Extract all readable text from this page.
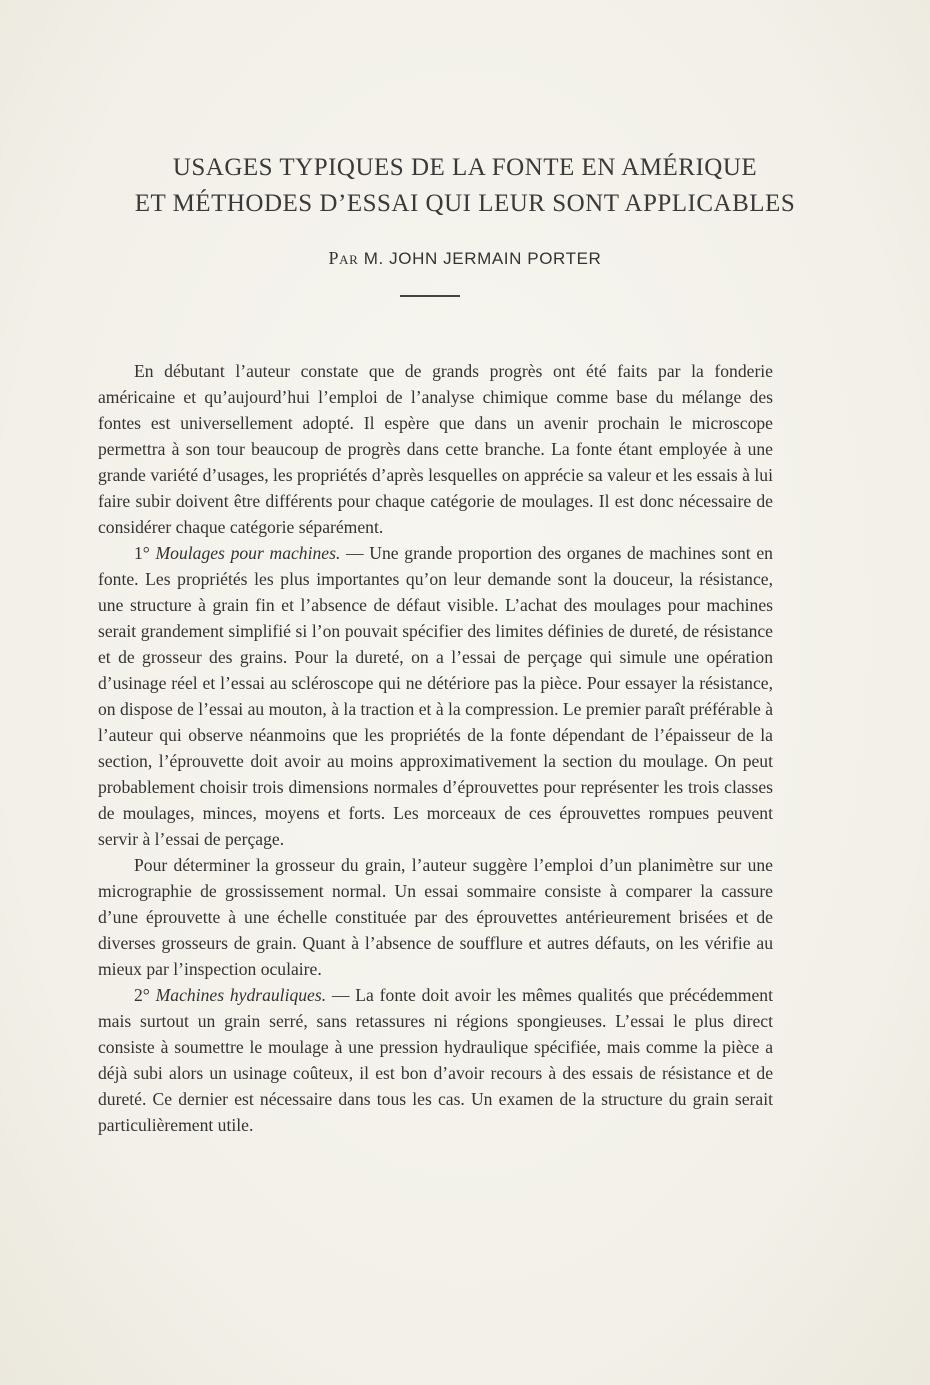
USAGES TYPIQUES DE LA FONTE EN AMÉRIQUE
ET MÉTHODES D’ESSAI QUI LEUR SONT APPLICABLES
Par M. JOHN JERMAIN PORTER

En débutant l’auteur constate que de grands progrès ont été faits par la fonderie américaine et qu’aujourd’hui l’emploi de l’analyse chimique comme base du mélange des fontes est universellement adopté. Il espère que dans un avenir prochain le microscope permettra à son tour beaucoup de progrès dans cette branche. La fonte étant employée à une grande variété d’usages, les propriétés d’après lesquelles on apprécie sa valeur et les essais à lui faire subir doivent être différents pour chaque catégorie de moulages. Il est donc nécessaire de considérer chaque catégorie séparément.

1° Moulages pour machines. — Une grande proportion des organes de machines sont en fonte. Les propriétés les plus importantes qu’on leur demande sont la douceur, la résistance, une structure à grain fin et l’absence de défaut visible. L’achat des moulages pour machines serait grandement simplifié si l’on pouvait spécifier des limites définies de dureté, de résistance et de grosseur des grains. Pour la dureté, on a l’essai de perçage qui simule une opération d’usinage réel et l’essai au scléroscope qui ne détériore pas la pièce. Pour essayer la résistance, on dispose de l’essai au mouton, à la traction et à la compression. Le premier paraît préférable à l’auteur qui observe néanmoins que les propriétés de la fonte dépendant de l’épaisseur de la section, l’éprouvette doit avoir au moins approximativement la section du moulage. On peut probablement choisir trois dimensions normales d’éprouvettes pour représenter les trois classes de moulages, minces, moyens et forts. Les morceaux de ces éprouvettes rompues peuvent servir à l’essai de perçage.

Pour déterminer la grosseur du grain, l’auteur suggère l’emploi d’un planimètre sur une micrographie de grossissement normal. Un essai sommaire consiste à comparer la cassure d’une éprouvette à une échelle constituée par des éprouvettes antérieurement brisées et de diverses grosseurs de grain. Quant à l’absence de soufflure et autres défauts, on les vérifie au mieux par l’inspection oculaire.

2° Machines hydrauliques. — La fonte doit avoir les mêmes qualités que précédemment mais surtout un grain serré, sans retassures ni régions spongieuses. L’essai le plus direct consiste à soumettre le moulage à une pression hydraulique spécifiée, mais comme la pièce a déjà subi alors un usinage coûteux, il est bon d’avoir recours à des essais de résistance et de dureté. Ce dernier est nécessaire dans tous les cas. Un examen de la structure du grain serait particulièrement utile.
